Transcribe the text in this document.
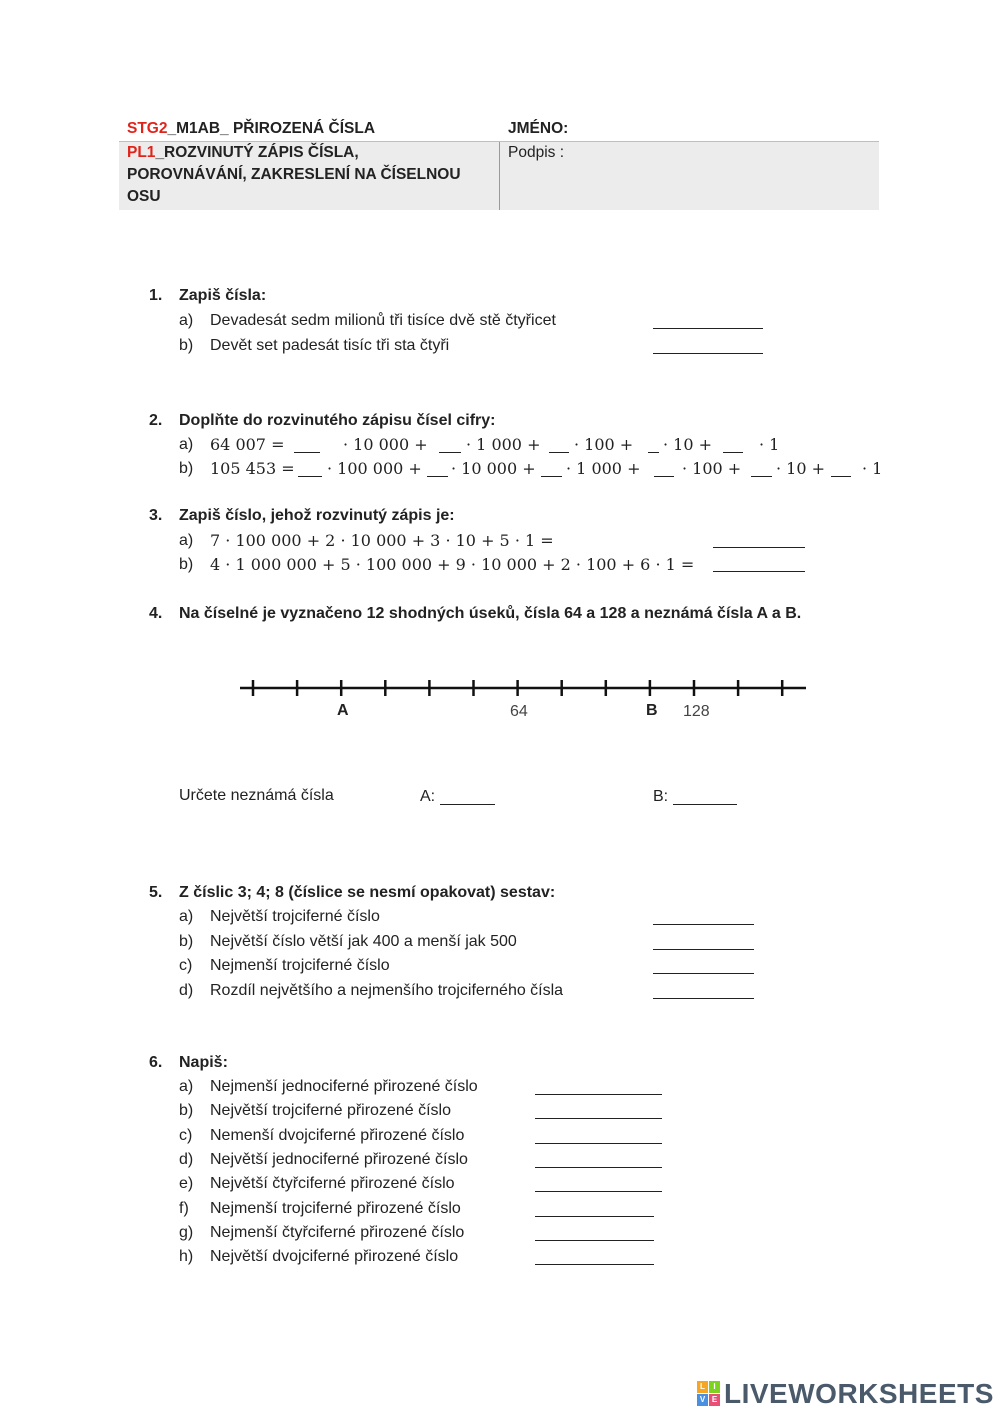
STG2_M1AB_ PŘIROZENÁ ČÍSLA	JMÉNO:
PL1_ROZVINUTÝ ZÁPIS ČÍSLA,
POROVNÁVÁNÍ, ZAKRESLENÍ NA ČÍSELNOU
OSU
Podpis :
1. Zapiš čísla:
a) Devadesát sedm milionů tři tisíce dvě stě čtyřicet
b) Devět set padesát tisíc tři sta čtyři
2. Doplňte do rozvinutého zápisu čísel cifry:
a) 64 007 =	· 10 000 + · 1 000 + · 100 + · 10 +	· 1
b) 105 453 = · 100 000 + · 10 000 + · 1 000 +	· 100 + · 10 + · 1
3. Zapiš číslo, jehož rozvinutý zápis je:
a) 7 · 100 000 + 2 · 10 000 + 3 · 10 + 5 · 1 =
b) 4 · 1 000 000 + 5 · 100 000 + 9 · 10 000 + 2 · 100 + 6 · 1 =
4. Na číselné je vyznačeno 12 shodných úseků, čísla 64 a 128 a neznámá čísla A a B.
A	64	B 128
Určete neznámá čísla	A:	B:
5. Z číslic 3; 4; 8 (číslice se nesmí opakovat) sestav:
a) Největší trojciferné číslo
b) Největší číslo větší jak 400 a menší jak 500
c) Nejmenší trojciferné číslo
d) Rozdíl největšího a nejmenšího trojciferného čísla
6. Napiš:
a) Nejmenší jednociferné přirozené číslo
b) Největší trojciferné přirozené číslo
c) Nemenší dvojciferné přirozené číslo
d) Největší jednociferné přirozené číslo
e) Největší čtyřciferné přirozené číslo
f) Nejmenší trojciferné přirozené číslo
g) Nejmenší čtyřciferné přirozené číslo
h) Největší dvojciferné přirozené číslo
L	I
V E LIVEWORKSHEETS
